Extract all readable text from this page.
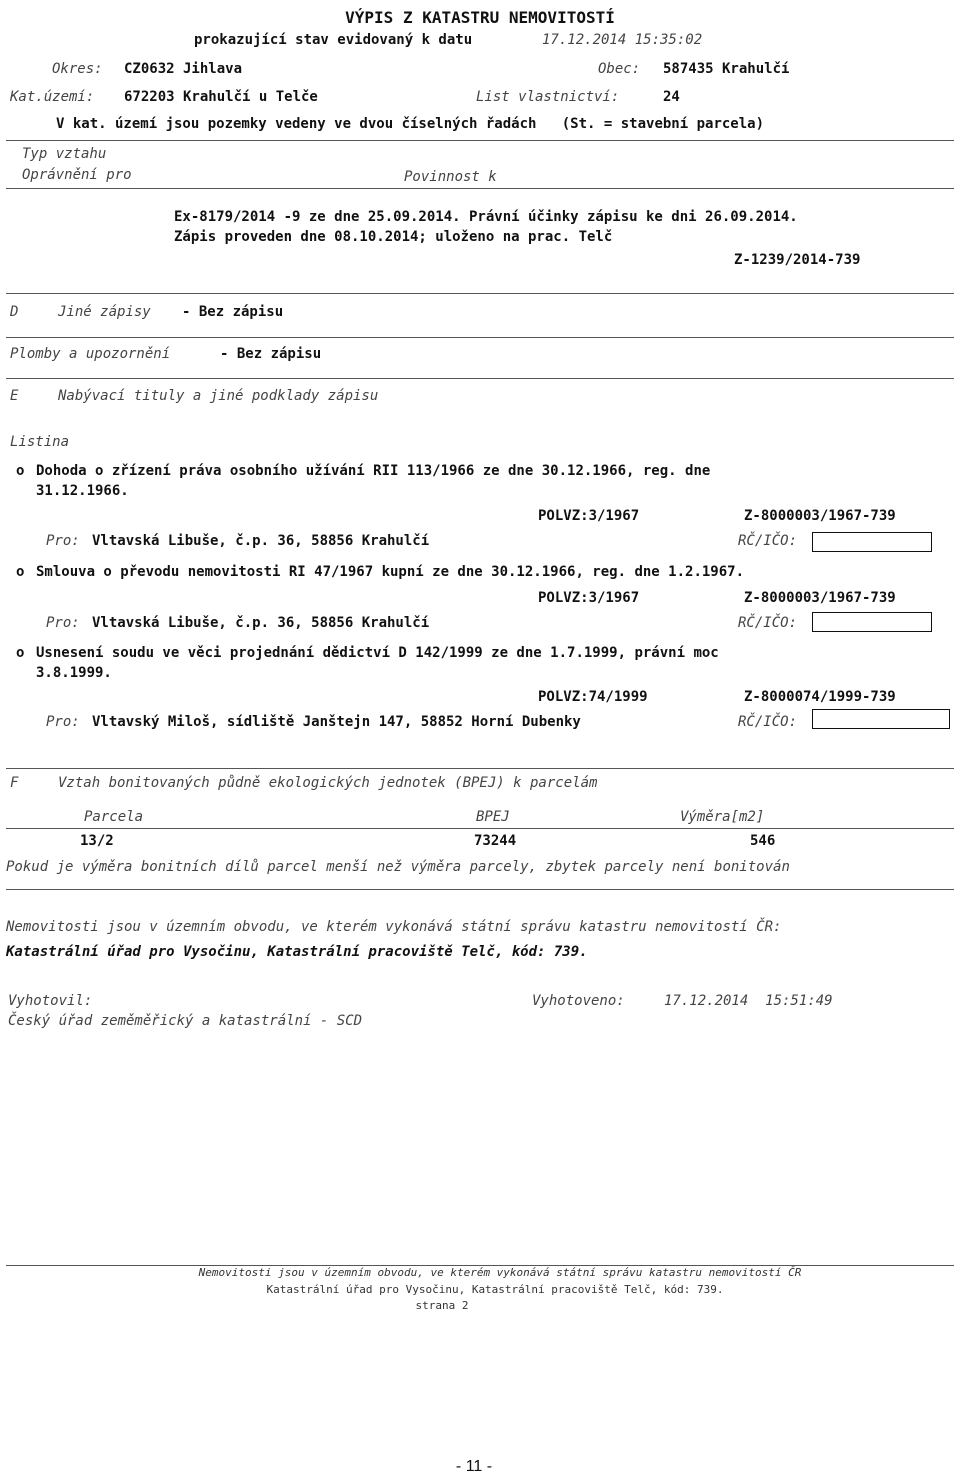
VÝPIS Z KATASTRU NEMOVITOSTÍ
prokazující stav evidovaný k datu	17.12.2014 15:35:02
Okres: CZ0632 Jihlava	Obec: 587435 Krahulčí
Kat.území: 672203 Krahulčí u Telče	List vlastnictví:	24
V kat. území jsou pozemky vedeny ve dvou číselných řadách   (St. = stavební parcela)
Typ vztahu
Oprávnění pro	Povinnost k
Ex-8179/2014 -9 ze dne 25.09.2014. Právní účinky zápisu ke dni 26.09.2014.
Zápis proveden dne 08.10.2014; uloženo na prac. Telč
Z-1239/2014-739
D	Jiné zápisy - Bez zápisu
Plomby a upozornění	- Bez zápisu
E	Nabývací tituly a jiné podklady zápisu
Listina
o Dohoda o zřízení práva osobního užívání RII 113/1966 ze dne 30.12.1966, reg. dne
31.12.1966.
POLVZ:3/1967	Z-8000003/1967-739
Pro: Vltavská Libuše, č.p. 36, 58856 Krahulčí	RČ/IČO:
o Smlouva o převodu nemovitosti RI 47/1967 kupní ze dne 30.12.1966, reg. dne 1.2.1967.
POLVZ:3/1967	Z-8000003/1967-739
Pro: Vltavská Libuše, č.p. 36, 58856 Krahulčí	RČ/IČO:
o Usnesení soudu ve věci projednání dědictví D 142/1999 ze dne 1.7.1999, právní moc
3.8.1999.
POLVZ:74/1999	Z-8000074/1999-739
Pro: Vltavský Miloš, sídliště Janštejn 147, 58852 Horní Dubenky	RČ/IČO:
F	Vztah bonitovaných půdně ekologických jednotek (BPEJ) k parcelám
Parcela	BPEJ	Výměra[m2]
13/2	73244	546
Pokud je výměra bonitních dílů parcel menší než výměra parcely, zbytek parcely není bonitován
Nemovitosti jsou v územním obvodu, ve kterém vykonává státní správu katastru nemovitostí ČR:
Katastrální úřad pro Vysočinu, Katastrální pracoviště Telč, kód: 739.
Vyhotovil:
Český úřad zeměměřický a katastrální - SCD
Vyhotoveno:	17.12.2014  15:51:49
Nemovitosti jsou v územním obvodu, ve kterém vykonává státní správu katastru nemovitostí ČR
Katastrální úřad pro Vysočinu, Katastrální pracoviště Telč, kód: 739.
strana 2
- 11 -
